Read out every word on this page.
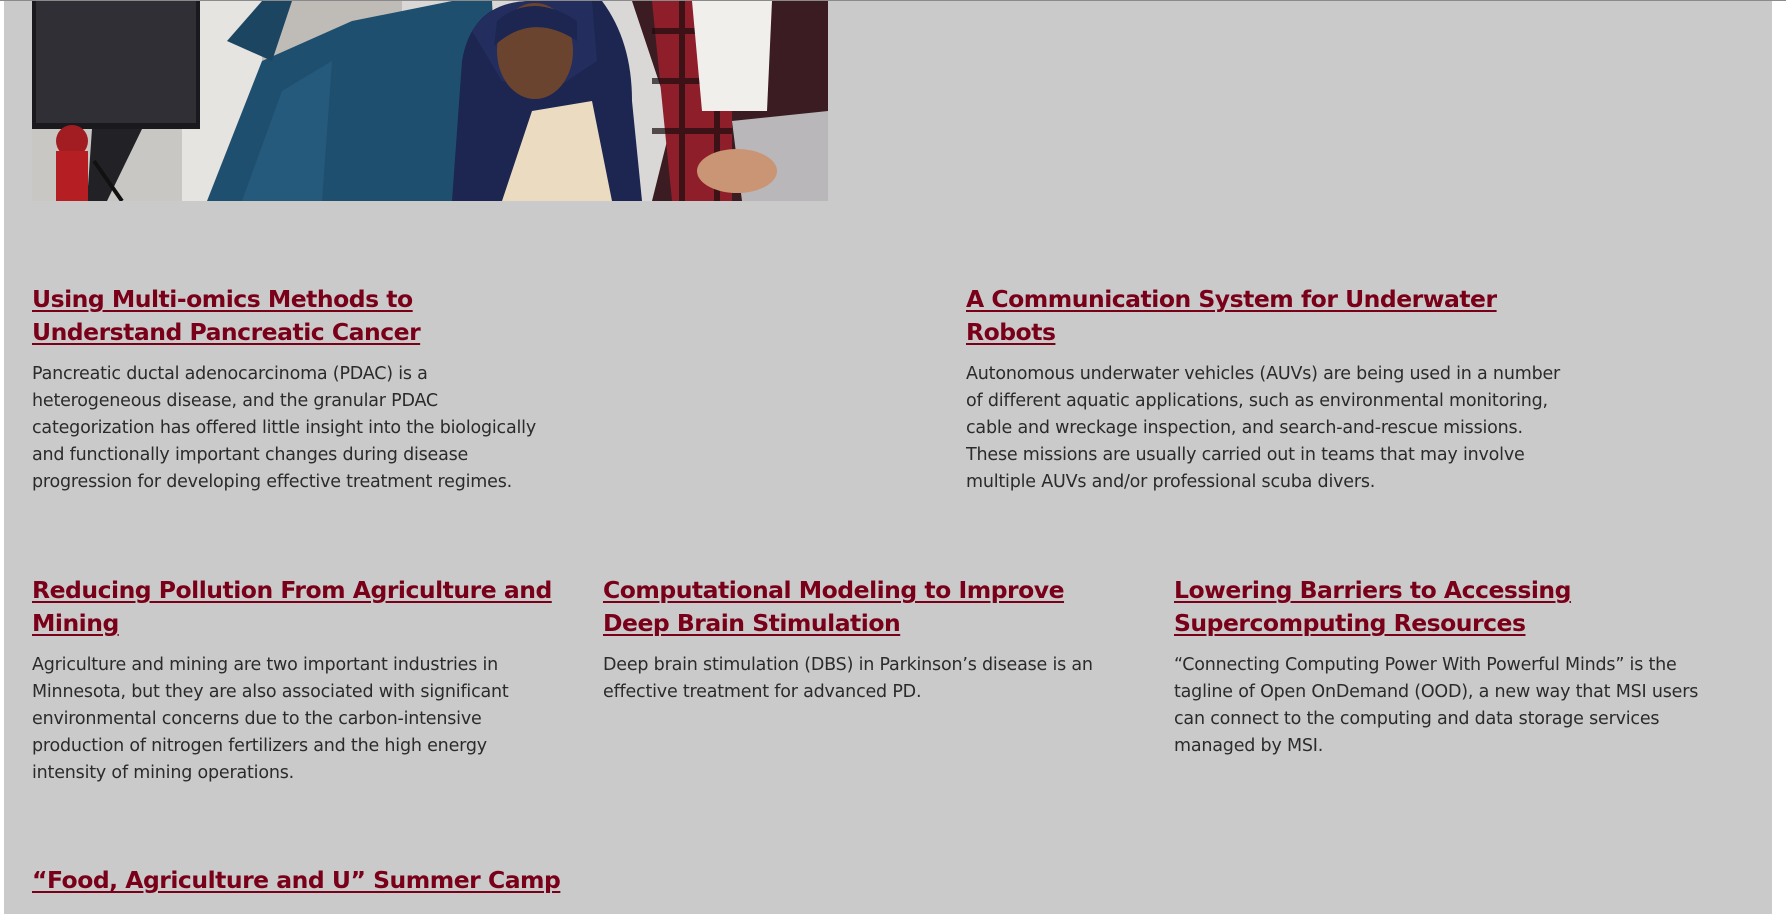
Using Multi-omics Methods to Understand Pancreatic Cancer

Pancreatic ductal adenocarcinoma (PDAC) is a heterogeneous disease, and the granular PDAC categorization has offered little insight into the biologically and functionally important changes during disease progression for developing effective treatment regimes.

A Communication System for Underwater Robots

Autonomous underwater vehicles (AUVs) are being used in a number of different aquatic applications, such as environmental monitoring, cable and wreckage inspection, and search-and-rescue missions. These missions are usually carried out in teams that may involve multiple AUVs and/or professional scuba divers.

Reducing Pollution From Agriculture and Mining

Agriculture and mining are two important industries in Minnesota, but they are also associated with significant environmental concerns due to the carbon-intensive production of nitrogen fertilizers and the high energy intensity of mining operations.

Computational Modeling to Improve Deep Brain Stimulation

Deep brain stimulation (DBS) in Parkinson’s disease is an effective treatment for advanced PD.

Lowering Barriers to Accessing Supercomputing Resources

“Connecting Computing Power With Powerful Minds” is the tagline of Open OnDemand (OOD), a new way that MSI users can connect to the computing and data storage services managed by MSI.

“Food, Agriculture and U” Summer Camp
